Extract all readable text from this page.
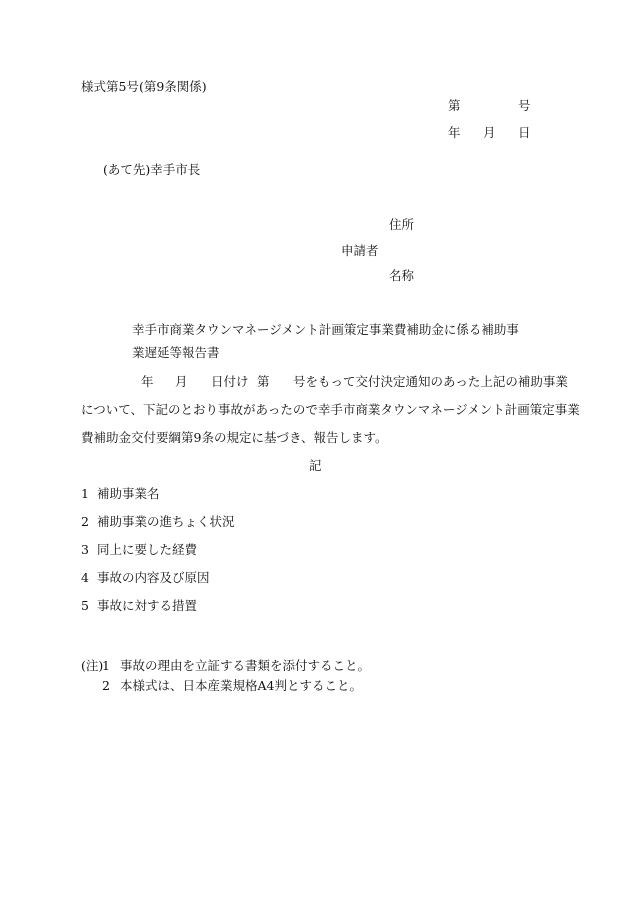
様式第5号(第9条関係)
第	号
年 月 日
(あて先)幸手市長
住所
申請者
名称
幸手市商業タウンマネージメント計画策定事業費補助金に係る補助事
業遅延等報告書
年 月 日付け 第 号をもって交付決定通知のあった上記の補助事業
について、下記のとおり事故があったので幸手市商業タウンマネージメント計画策定事業
費補助金交付要綱第9条の規定に基づき、報告します。
記
1 補助事業名
2 補助事業の進ちょく状況
3 同上に要した経費
4 事故の内容及び原因
5 事故に対する措置
(注)
1 事故の理由を立証する書類を添付すること。
2 本様式は、日本産業規格A4判とすること。
